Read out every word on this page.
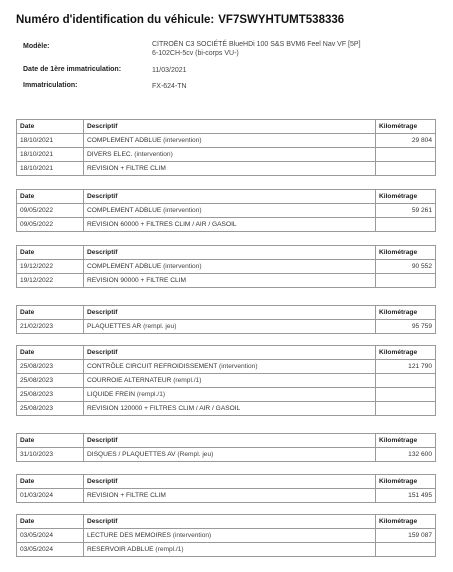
Numéro d'identification du véhicule: VF7SWYHTUMT538336
Modèle:	CITROËN C3 SOCIÉTÉ BlueHDi 100 S&S BVM6 Feel Nav VF [5P]
6-102CH-5cv (bi-corps VU-)
Date de 1ère immatriculation:	11/03/2021
Immatriculation:	FX-624-TN
Date	Descriptif	Kilométrage
18/10/2021	COMPLEMENT ADBLUE (intervention)	29 804
18/10/2021	DIVERS ELEC. (intervention)	
18/10/2021	REVISION + FILTRE CLIM	
Date	Descriptif	Kilométrage
09/05/2022	COMPLEMENT ADBLUE (intervention)	59 261
09/05/2022	REVISION 60000 + FILTRES CLIM / AIR / GASOIL	
Date	Descriptif	Kilométrage
19/12/2022	COMPLEMENT ADBLUE (intervention)	90 552
19/12/2022	REVISION 90000 + FILTRE CLIM	
Date	Descriptif	Kilométrage
21/02/2023	PLAQUETTES AR (rempl. jeu)	95 759
Date	Descriptif	Kilométrage
25/08/2023	CONTRÔLE CIRCUIT REFROIDISSEMENT (intervention)	121 790
25/08/2023	COURROIE ALTERNATEUR (rempl./1)	
25/08/2023	LIQUIDE FREIN (rempl./1)	
25/08/2023	REVISION 120000 + FILTRES CLIM / AIR / GASOIL	
Date	Descriptif	Kilométrage
31/10/2023	DISQUES / PLAQUETTES AV (Rempl. jeu)	132 600
Date	Descriptif	Kilométrage
01/03/2024	REVISION + FILTRE CLIM	151 495
Date	Descriptif	Kilométrage
03/05/2024	LECTURE DES MEMOIRES (intervention)	159 087
03/05/2024	RESERVOIR ADBLUE (rempl./1)	
